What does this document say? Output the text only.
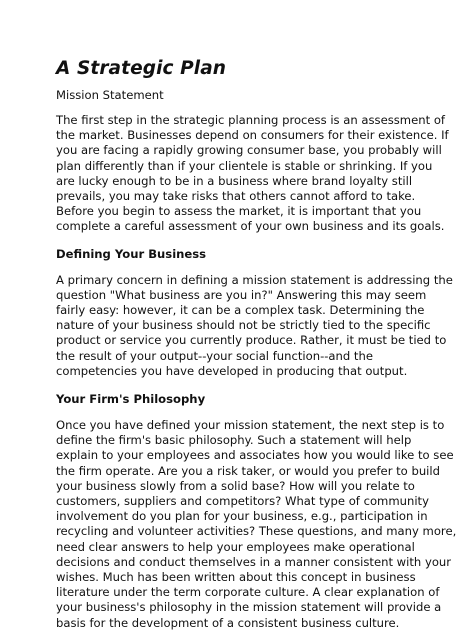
A Strategic Plan

Mission Statement

The first step in the strategic planning process is an assessment of
the market. Businesses depend on consumers for their existence. If
you are facing a rapidly growing consumer base, you probably will
plan differently than if your clientele is stable or shrinking. If you
are lucky enough to be in a business where brand loyalty still
prevails, you may take risks that others cannot afford to take.
Before you begin to assess the market, it is important that you
complete a careful assessment of your own business and its goals.
Defining Your Business
A primary concern in defining a mission statement is addressing the
question "What business are you in?" Answering this may seem
fairly easy: however, it can be a complex task. Determining the
nature of your business should not be strictly tied to the specific
product or service you currently produce. Rather, it must be tied to
the result of your output--your social function--and the
competencies you have developed in producing that output.
Your Firm's Philosophy
Once you have defined your mission statement, the next step is to
define the firm's basic philosophy. Such a statement will help
explain to your employees and associates how you would like to see
the firm operate. Are you a risk taker, or would you prefer to build
your business slowly from a solid base? How will you relate to
customers, suppliers and competitors? What type of community
involvement do you plan for your business, e.g., participation in
recycling and volunteer activities? These questions, and many more,
need clear answers to help your employees make operational
decisions and conduct themselves in a manner consistent with your
wishes. Much has been written about this concept in business
literature under the term corporate culture. A clear explanation of
your business's philosophy in the mission statement will provide a
basis for the development of a consistent business culture.
